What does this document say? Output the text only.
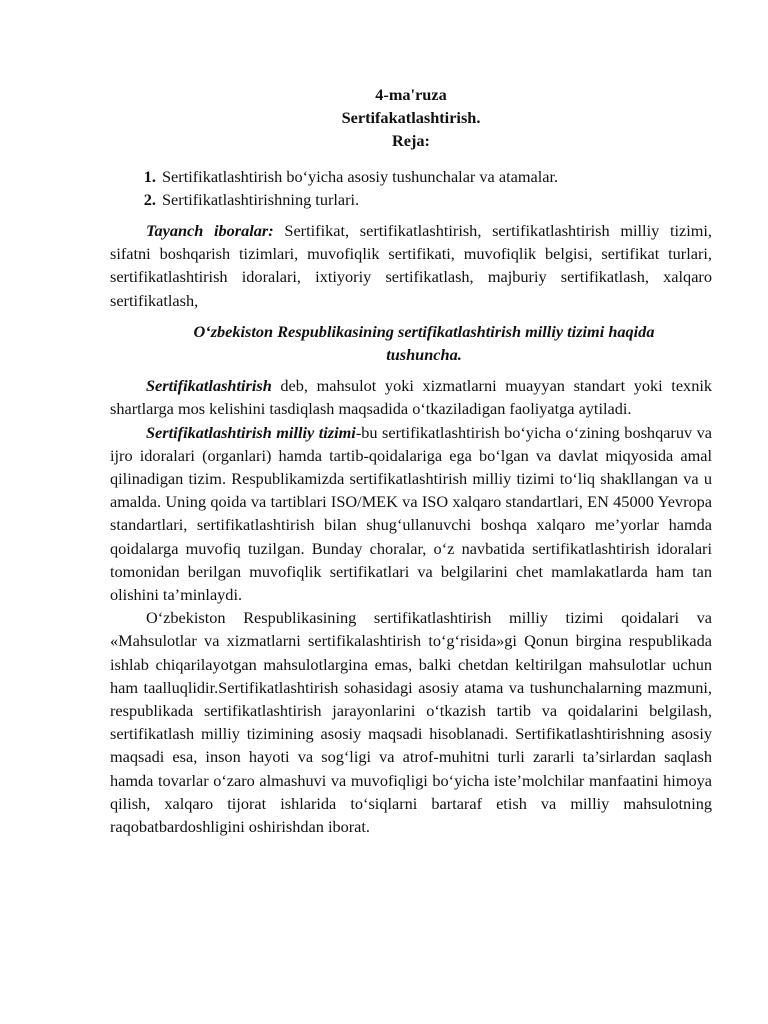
4-ma'ruza
Sertifakatlashtirish.
Reja:
1. Sertifikatlashtirish bo‘yicha asosiy tushunchalar va atamalar.
2. Sertifikatlashtirishning turlari.

Tayanch iboralar: Sertifikat, sertifikatlashtirish, sertifikatlashtirish milliy tizimi, sifatni boshqarish tizimlari, muvofiqlik sertifikati, muvofiqlik belgisi, sertifikat turlari, sertifikatlashtirish idoralari, ixtiyoriy sertifikatlash, majburiy sertifikatlash, xalqaro sertifikatlash,

O‘zbekiston Respublikasining sertifikatlashtirish milliy tizimi haqida tushuncha.

Sertifikatlashtirish deb, mahsulot yoki xizmatlarni muayyan standart yoki texnik shartlarga mos kelishini tasdiqlash maqsadida o‘tkaziladigan faoliyatga aytiladi.

Sertifikatlashtirish milliy tizimi-bu sertifikatlashtirish bo‘yicha o‘zining boshqaruv va ijro idoralari (organlari) hamda tartib-qoidalariga ega bo‘lgan va davlat miqyosida amal qilinadigan tizim. Respublikamizda sertifikatlashtirish milliy tizimi to‘liq shakllangan va u amalda. Uning qoida va tartiblari ISO/MEK va ISO xalqaro standartlari, EN 45000 Yevropa standartlari, sertifikatlashtirish bilan shug‘ullanuvchi boshqa xalqaro me’yorlar hamda qoidalarga muvofiq tuzilgan. Bunday choralar, o‘z navbatida sertifikatlashtirish idoralari tomonidan berilgan muvofiqlik sertifikatlari va belgilarini chet mamlakatlarda ham tan olishini ta’minlaydi.

O‘zbekiston Respublikasining sertifikatlashtirish milliy tizimi qoidalari va «Mahsulotlar va xizmatlarni sertifikalashtirish to‘g‘risida»gi Qonun birgina respublikada ishlab chiqarilayotgan mahsulotlargina emas, balki chetdan keltirilgan mahsulotlar uchun ham taalluqlidir.Sertifikatlashtirish sohasidagi asosiy atama va tushunchalarning mazmuni, respublikada sertifikatlashtirish jarayonlarini o‘tkazish tartib va qoidalarini belgilash, sertifikatlash milliy tizimining asosiy maqsadi hisoblanadi. Sertifikatlashtirishning asosiy maqsadi esa, inson hayoti va sog‘ligi va atrof-muhitni turli zararli ta’sirlardan saqlash hamda tovarlar o‘zaro almashuvi va muvofiqligi bo‘yicha iste’molchilar manfaatini himoya qilish, xalqaro tijorat ishlarida to‘siqlarni bartaraf etish va milliy mahsulotning raqobatbardoshligini oshirishdan iborat.
